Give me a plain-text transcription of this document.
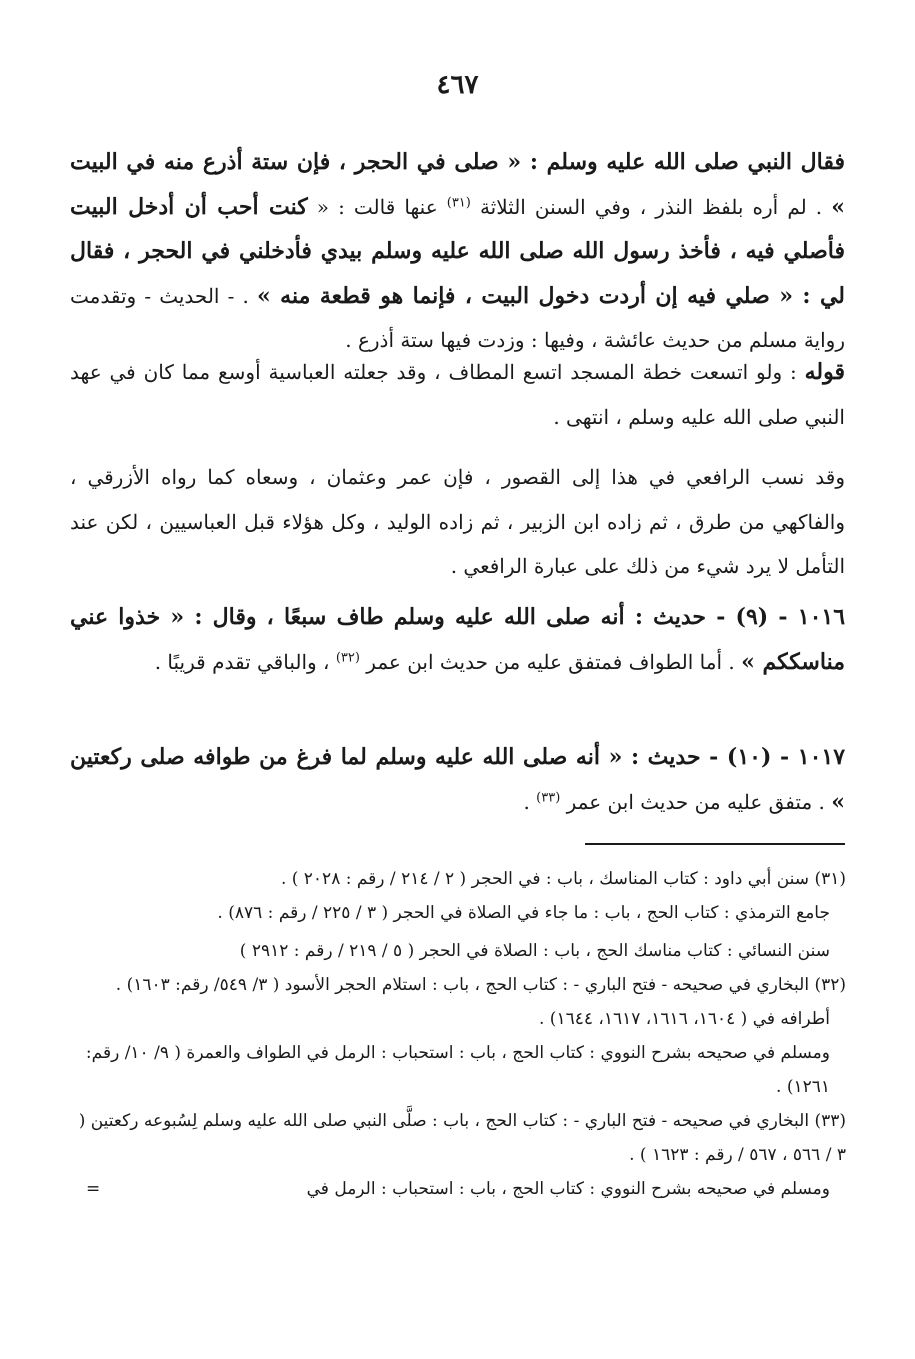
٤٦٧
فقال النبي صلى الله عليه وسلم : « صلى في الحجر ، فإن ستة أذرع منه في البيت » . لم أره بلفظ النذر ، وفي السنن الثلاثة $^{(٣١)}$ عنها قالت : « كنت أحب أن أدخل البيت فأصلي فيه ، فأخذ رسول الله صلى الله عليه وسلم بيدي فأدخلني في الحجر ، فقال لي : « صلي فيه إن أردت دخول البيت ، فإنما هو قطعة منه » . - الحديث - وتقدمت رواية مسلم من حديث عائشة ، وفيها : وزدت فيها ستة أذرع .
قوله : ولو اتسعت خطة المسجد اتسع المطاف ، وقد جعلته العباسية أوسع مما كان في عهد النبي صلى الله عليه وسلم ، انتهى .
وقد نسب الرافعي في هذا إلى القصور ، فإن عمر وعثمان ، وسعاه كما رواه الأزرقي ، والفاكهي من طرق ، ثم زاده ابن الزبير ، ثم زاده الوليد ، وكل هؤلاء قبل العباسيين ، لكن عند التأمل لا يرد شيء من ذلك على عبارة الرافعي .
١٠١٦ - (٩) - حديث : أنه صلى الله عليه وسلم طاف سبعًا ، وقال : « خذوا عني مناسككم » . أما الطواف فمتفق عليه من حديث ابن عمر $^{(٣٢)}$ ، والباقي تقدم قريبًا .
١٠١٧ - (١٠) - حديث : « أنه صلى الله عليه وسلم لما فرغ من طوافه صلى ركعتين » . متفق عليه من حديث ابن عمر $^{(٣٣)}$ .
(٣١) سنن أبي داود : كتاب المناسك ، باب : في الحجر ( ٢ / ٢١٤ / رقم : ٢٠٢٨ ) .
جامع الترمذي : كتاب الحج ، باب : ما جاء في الصلاة في الحجر ( ٣ / ٢٢٥ / رقم : ٨٧٦) .
سنن النسائي : كتاب مناسك الحج ، باب : الصلاة في الحجر ( ٥ / ٢١٩ / رقم : ٢٩١٢ )
(٣٢) البخاري في صحيحه - فتح الباري - : كتاب الحج ، باب : استلام الحجر الأسود ( ٣/ ٥٤٩/ رقم: ١٦٠٣) .
أطرافه في ( ١٦٠٤، ١٦١٦، ١٦١٧، ١٦٤٤) .
ومسلم في صحيحه بشرح النووي : كتاب الحج ، باب : استحباب : الرمل في الطواف والعمرة ( ٩/ ١٠/ رقم: ١٢٦١) .
(٣٣) البخاري في صحيحه - فتح الباري - : كتاب الحج ، باب : صلَّى النبي صلى الله عليه وسلم لِسُبوعه ركعتين ( ٣ / ٥٦٦ ، ٥٦٧ / رقم : ١٦٢٣ ) .
ومسلم في صحيحه بشرح النووي : كتاب الحج ، باب : استحباب : الرمل في
=
